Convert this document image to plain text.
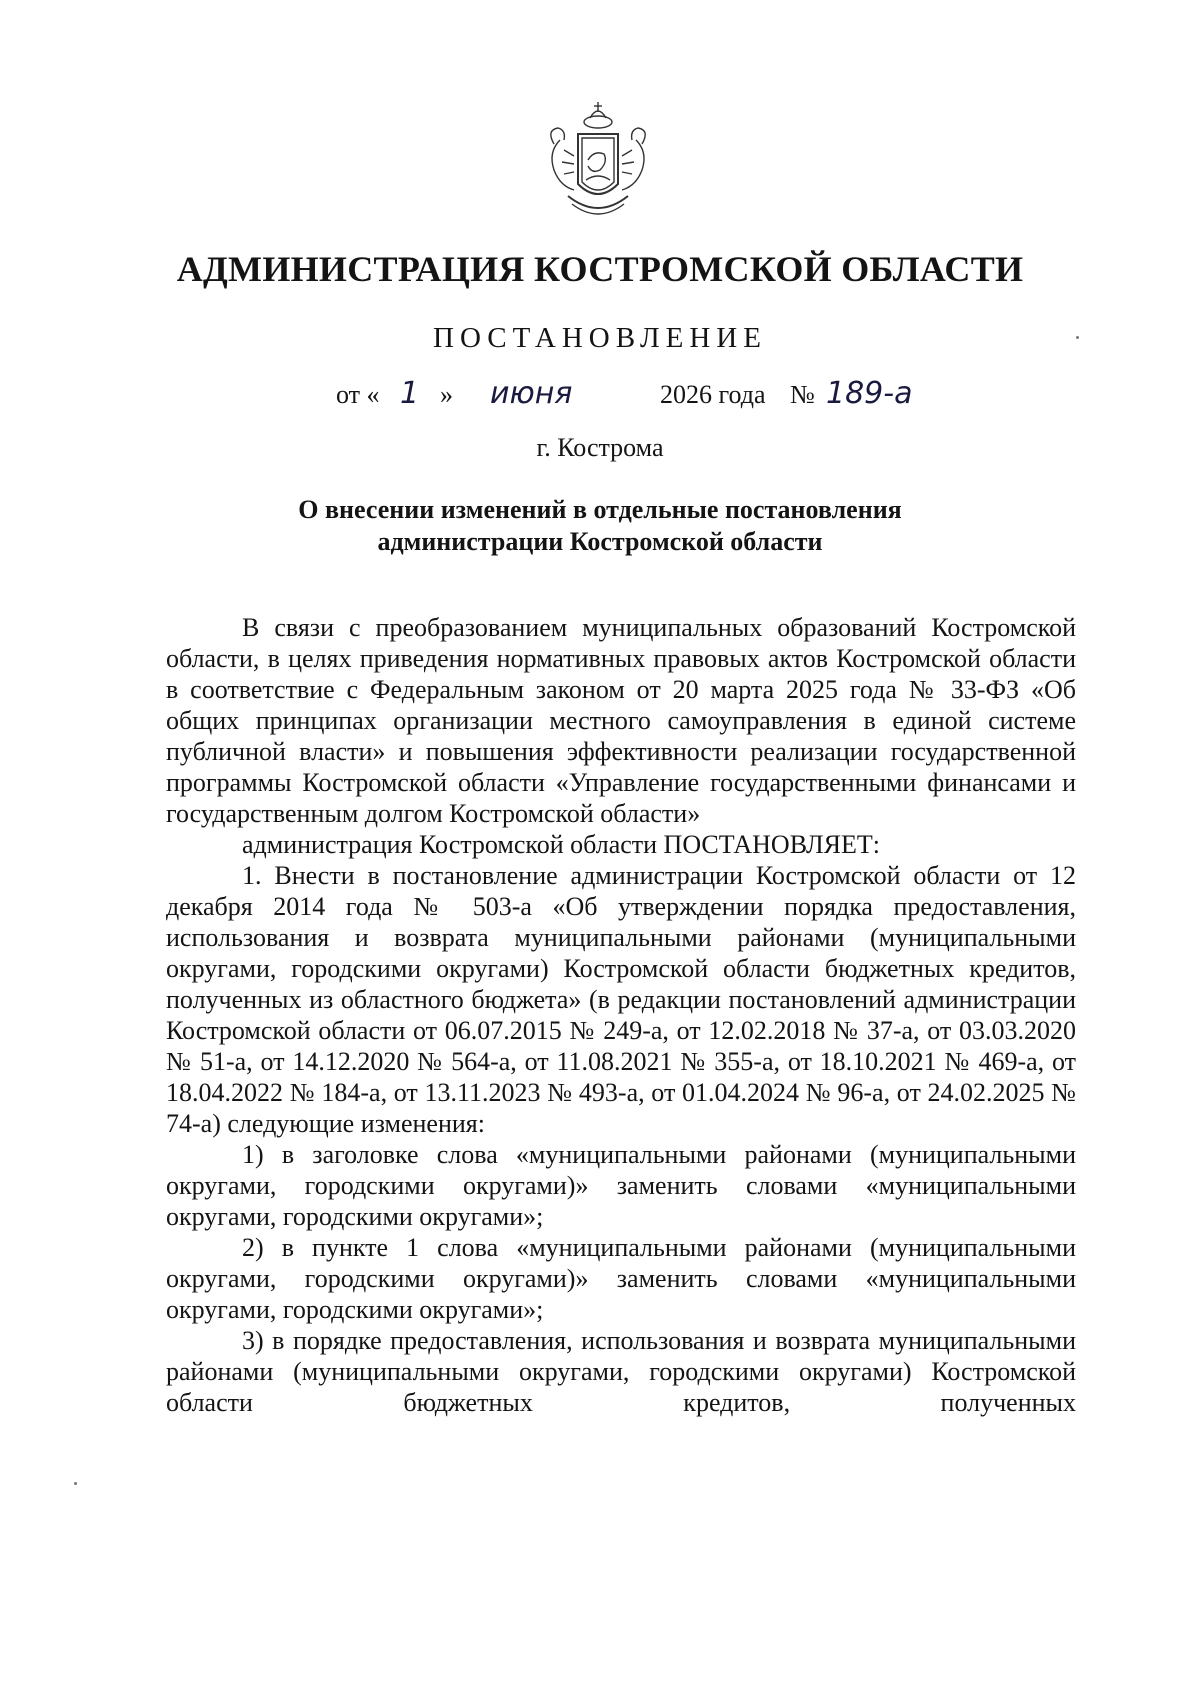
АДМИНИСТРАЦИЯ КОСТРОМСКОЙ ОБЛАСТИ
ПОСТАНОВЛЕНИЕ
от « 1 » июня	2026 года № 189-а
г. Кострома
О внесении изменений в отдельные постановления
администрации Костромской области

В связи с преобразованием муниципальных образований Костромской области, в целях приведения нормативных правовых актов Костромской области в соответствие с Федеральным законом от 20 марта 2025 года № 33-ФЗ «Об общих принципах организации местного самоуправления в единой системе публичной власти» и повышения эффективности реализации государственной программы Костромской области «Управление государственными финансами и государственным долгом Костромской области»

администрация Костромской области ПОСТАНОВЛЯЕТ:

1. Внести в постановление администрации Костромской области от 12 декабря 2014 года № 503-а «Об утверждении порядка предоставления, использования и возврата муниципальными районами (муниципальными округами, городскими округами) Костромской области бюджетных кредитов, полученных из областного бюджета» (в редакции постановлений администрации Костромской области от 06.07.2015 № 249-а, от 12.02.2018 № 37-а, от 03.03.2020 № 51-а, от 14.12.2020 № 564-а, от 11.08.2021 № 355-а, от 18.10.2021 № 469-а, от 18.04.2022 № 184-а, от 13.11.2023 № 493-а, от 01.04.2024 № 96-а, от 24.02.2025 № 74-а) следующие изменения:

1) в заголовке слова «муниципальными районами (муниципальными округами, городскими округами)» заменить словами «муниципальными округами, городскими округами»;

2) в пункте 1 слова «муниципальными районами (муниципальными округами, городскими округами)» заменить словами «муниципальными округами, городскими округами»;

3) в порядке предоставления, использования и возврата муниципальными районами (муниципальными округами, городскими округами) Костромской области бюджетных кредитов, полученных
